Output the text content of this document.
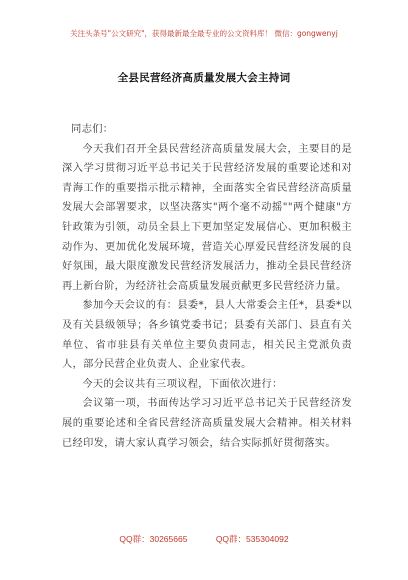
关注头条号"公文研究"，获得最新最全最专业的公文资料库！ 微信：gongwenyj
全县民营经济高质量发展大会主持词

同志们：

今天我们召开全县民营经济高质量发展大会，主要目的是深入学习贯彻习近平总书记关于民营经济发展的重要论述和对青海工作的重要指示批示精神，全面落实全省民营经济高质量发展大会部署要求，以坚决落实"两个毫不动摇""两个健康"方针政策为引领，动员全县上下更加坚定发展信心、更加积极主动作为、更加优化发展环境，营造关心厚爱民营经济发展的良好氛围，最大限度激发民营经济发展活力，推动全县民营经济再上新台阶，为经济社会高质量发展贡献更多民营经济力量。

参加今天会议的有：县委*，县人大常委会主任*，县委*以及有关县级领导；各乡镇党委书记；县委有关部门、县直有关单位、省市驻县有关单位主要负责同志，相关民主党派负责人，部分民营企业负责人、企业家代表。

今天的会议共有三项议程，下面依次进行：

会议第一项，书面传达学习习近平总书记关于民营经济发展的重要论述和全省民营经济高质量发展大会精神。相关材料已经印发，请大家认真学习领会，结合实际抓好贯彻落实。

QQ群：30265665	QQ群：535304092
